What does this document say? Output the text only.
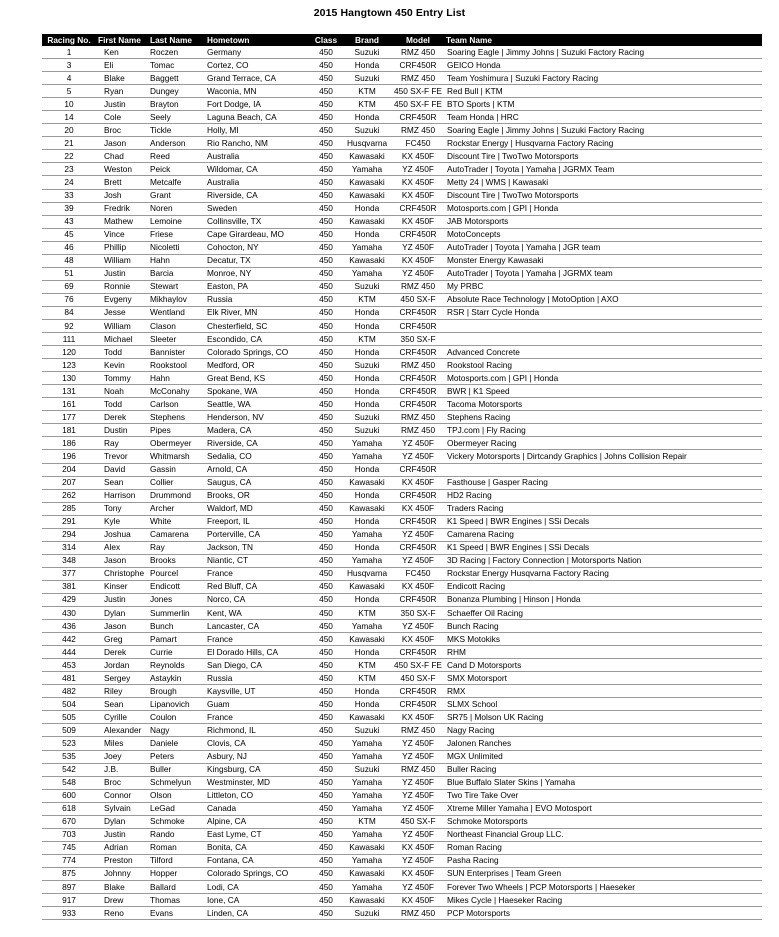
2015 Hangtown 450 Entry List
Racing No.	First Name	Last Name	Hometown	Class	Brand	Model	Team Name
1	Ken	Roczen	Germany	450	Suzuki	RMZ 450	Soaring Eagle | Jimmy Johns | Suzuki Factory Racing
3	Eli	Tomac	Cortez, CO	450	Honda	CRF450R	GEICO Honda
4	Blake	Baggett	Grand Terrace, CA	450	Suzuki	RMZ 450	Team Yoshimura | Suzuki Factory Racing
5	Ryan	Dungey	Waconia, MN	450	KTM	450 SX-F FE	Red Bull | KTM
10	Justin	Brayton	Fort Dodge, IA	450	KTM	450 SX-F FE	BTO Sports | KTM
14	Cole	Seely	Laguna Beach, CA	450	Honda	CRF450R	Team Honda | HRC
20	Broc	Tickle	Holly, MI	450	Suzuki	RMZ 450	Soaring Eagle | Jimmy Johns | Suzuki Factory Racing
21	Jason	Anderson	Rio Rancho, NM	450	Husqvarna	FC450	Rockstar Energy | Husqvarna Factory Racing
22	Chad	Reed	Australia	450	Kawasaki	KX 450F	Discount Tire | TwoTwo Motorsports
23	Weston	Peick	Wildomar, CA	450	Yamaha	YZ 450F	AutoTrader | Toyota | Yamaha | JGRMX Team
24	Brett	Metcalfe	Australia	450	Kawasaki	KX 450F	Metty 24 | WMS | Kawasaki
33	Josh	Grant	Riverside, CA	450	Kawasaki	KX 450F	Discount Tire | TwoTwo Motorsports
39	Fredrik	Noren	Sweden	450	Honda	CRF450R	Motosports.com | GPI | Honda
43	Mathew	Lemoine	Collinsville, TX	450	Kawasaki	KX 450F	JAB Motorsports
45	Vince	Friese	Cape Girardeau, MO	450	Honda	CRF450R	MotoConcepts
46	Phillip	Nicoletti	Cohocton, NY	450	Yamaha	YZ 450F	AutoTrader | Toyota | Yamaha | JGR team
48	William	Hahn	Decatur, TX	450	Kawasaki	KX 450F	Monster Energy Kawasaki
51	Justin	Barcia	Monroe, NY	450	Yamaha	YZ 450F	AutoTrader | Toyota | Yamaha | JGRMX team
69	Ronnie	Stewart	Easton, PA	450	Suzuki	RMZ 450	My PRBC
76	Evgeny	Mikhaylov	Russia	450	KTM	450 SX-F	Absolute Race Technology | MotoOption | AXO
84	Jesse	Wentland	Elk River, MN	450	Honda	CRF450R	RSR | Starr Cycle Honda
92	William	Clason	Chesterfield, SC	450	Honda	CRF450R	
111	Michael	Sleeter	Escondido, CA	450	KTM	350 SX-F	
120	Todd	Bannister	Colorado Springs, CO	450	Honda	CRF450R	Advanced Concrete
123	Kevin	Rookstool	Medford, OR	450	Suzuki	RMZ 450	Rookstool Racing
130	Tommy	Hahn	Great Bend, KS	450	Honda	CRF450R	Motosports.com | GPI | Honda
131	Noah	McConahy	Spokane, WA	450	Honda	CRF450R	BWR | K1 Speed
161	Todd	Carlson	Seattle, WA	450	Honda	CRF450R	Tacoma Motorsports
177	Derek	Stephens	Henderson, NV	450	Suzuki	RMZ 450	Stephens Racing
181	Dustin	Pipes	Madera, CA	450	Suzuki	RMZ 450	TPJ.com | Fly Racing
186	Ray	Obermeyer	Riverside, CA	450	Yamaha	YZ 450F	Obermeyer Racing
196	Trevor	Whitmarsh	Sedalia, CO	450	Yamaha	YZ 450F	Vickery Motorsports | Dirtcandy Graphics | Johns Collision Repair
204	David	Gassin	Arnold, CA	450	Honda	CRF450R	
207	Sean	Collier	Saugus, CA	450	Kawasaki	KX 450F	Fasthouse | Gasper Racing
262	Harrison	Drummond	Brooks, OR	450	Honda	CRF450R	HD2 Racing
285	Tony	Archer	Waldorf, MD	450	Kawasaki	KX 450F	Traders Racing
291	Kyle	White	Freeport, IL	450	Honda	CRF450R	K1 Speed | BWR Engines | SSi Decals
294	Joshua	Camarena	Porterville, CA	450	Yamaha	YZ 450F	Camarena Racing
314	Alex	Ray	Jackson, TN	450	Honda	CRF450R	K1 Speed | BWR Engines | SSi Decals
348	Jason	Brooks	Niantic, CT	450	Yamaha	YZ 450F	3D Racing | Factory Connection | Motorsports Nation
377	Christophe	Pourcel	France	450	Husqvarna	FC450	Rockstar Energy Husqvarna Factory Racing
381	Kinser	Endicott	Red Bluff, CA	450	Kawasaki	KX 450F	Endicott Racing
429	Justin	Jones	Norco, CA	450	Honda	CRF450R	Bonanza Plumbing | Hinson | Honda
430	Dylan	Summerlin	Kent, WA	450	KTM	350 SX-F	Schaeffer Oil Racing
436	Jason	Bunch	Lancaster, CA	450	Yamaha	YZ 450F	Bunch Racing
442	Greg	Pamart	France	450	Kawasaki	KX 450F	MKS Motokiks
444	Derek	Currie	El Dorado Hills, CA	450	Honda	CRF450R	RHM
453	Jordan	Reynolds	San Diego, CA	450	KTM	450 SX-F FE	Cand D Motorsports
481	Sergey	Astaykin	Russia	450	KTM	450 SX-F	SMX Motorsport
482	Riley	Brough	Kaysville, UT	450	Honda	CRF450R	RMX
504	Sean	Lipanovich	Guam	450	Honda	CRF450R	SLMX School
505	Cyrille	Coulon	France	450	Kawasaki	KX 450F	SR75 | Molson UK Racing
509	Alexander	Nagy	Richmond, IL	450	Suzuki	RMZ 450	Nagy Racing
523	Miles	Daniele	Clovis, CA	450	Yamaha	YZ 450F	Jalonen Ranches
535	Joey	Peters	Asbury, NJ	450	Yamaha	YZ 450F	MGX Unlimited
542	J.B.	Buller	Kingsburg, CA	450	Suzuki	RMZ 450	Buller Racing
548	Broc	Schmelyun	Westminster, MD	450	Yamaha	YZ 450F	Blue Buffalo Slater Skins | Yamaha
600	Connor	Olson	Littleton, CO	450	Yamaha	YZ 450F	Two Tire Take Over
618	Sylvain	LeGad	Canada	450	Yamaha	YZ 450F	Xtreme Miller Yamaha | EVO Motosport
670	Dylan	Schmoke	Alpine, CA	450	KTM	450 SX-F	Schmoke Motorsports
703	Justin	Rando	East Lyme, CT	450	Yamaha	YZ 450F	Northeast Financial Group LLC.
745	Adrian	Roman	Bonita, CA	450	Kawasaki	KX 450F	Roman Racing
774	Preston	Tilford	Fontana, CA	450	Yamaha	YZ 450F	Pasha Racing
875	Johnny	Hopper	Colorado Springs, CO	450	Kawasaki	KX 450F	SUN Enterprises | Team Green
897	Blake	Ballard	Lodi, CA	450	Yamaha	YZ 450F	Forever Two Wheels | PCP Motorsports | Haeseker
917	Drew	Thomas	Ione, CA	450	Kawasaki	KX 450F	Mikes Cycle | Haeseker Racing
933	Reno	Evans	Linden, CA	450	Suzuki	RMZ 450	PCP Motorsports
